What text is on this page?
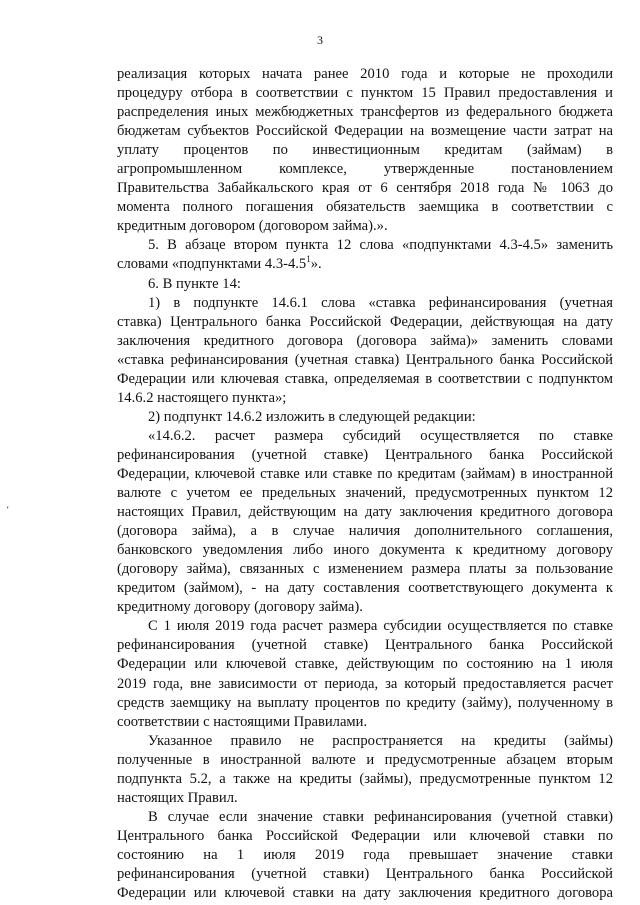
3
‘
реализация которых начата ранее 2010 года и которые не проходили
процедуру отбора в соответствии с пунктом 15 Правил предоставления и
распределения иных межбюджетных трансфертов из федерального бюджета
бюджетам субъектов Российской Федерации на возмещение части затрат на
уплату процентов по инвестиционным кредитам (займам) в
агропромышленном комплексе, утвержденные постановлением
Правительства Забайкальского края от 6 сентября 2018 года № 1063 до
момента полного погашения обязательств заемщика в соответствии с
кредитным договором (договором займа).».
5. В абзаце втором пункта 12 слова «подпунктами 4.3-4.5» заменить
словами «подпунктами $4.3-4.5^1$».
6. В пункте 14:
1) в подпункте 14.6.1 слова «ставка рефинансирования (учетная
ставка) Центрального банка Российской Федерации, действующая на дату
заключения кредитного договора (договора займа)» заменить словами
«ставка рефинансирования (учетная ставка) Центрального банка Российской
Федерации или ключевая ставка, определяемая в соответствии с подпунктом
14.6.2 настоящего пункта»;
2) подпункт 14.6.2 изложить в следующей редакции:
«14.6.2. расчет размера субсидий осуществляется по ставке
рефинансирования (учетной ставке) Центрального банка Российской
Федерации, ключевой ставке или ставке по кредитам (займам) в иностранной
валюте с учетом ее предельных значений, предусмотренных пунктом 12
настоящих Правил, действующим на дату заключения кредитного договора
(договора займа), а в случае наличия дополнительного соглашения,
банковского уведомления либо иного документа к кредитному договору
(договору займа), связанных с изменением размера платы за пользование
кредитом (займом), - на дату составления соответствующего документа к
кредитному договору (договору займа).
С 1 июля 2019 года расчет размера субсидии осуществляется по ставке
рефинансирования (учетной ставке) Центрального банка Российской
Федерации или ключевой ставке, действующим по состоянию на 1 июля
2019 года, вне зависимости от периода, за который предоставляется расчет
средств заемщику на выплату процентов по кредиту (займу), полученному в
соответствии с настоящими Правилами.
Указанное правило не распространяется на кредиты (займы)
полученные в иностранной валюте и предусмотренные абзацем вторым
подпункта 5.2, а также на кредиты (займы), предусмотренные пунктом 12
настоящих Правил.
В случае если значение ставки рефинансирования (учетной ставки)
Центрального банка Российской Федерации или ключевой ставки по
состоянию на 1 июля 2019 года превышает значение ставки
рефинансирования (учетной ставки) Центрального банка Российской
Федерации или ключевой ставки на дату заключения кредитного договора
